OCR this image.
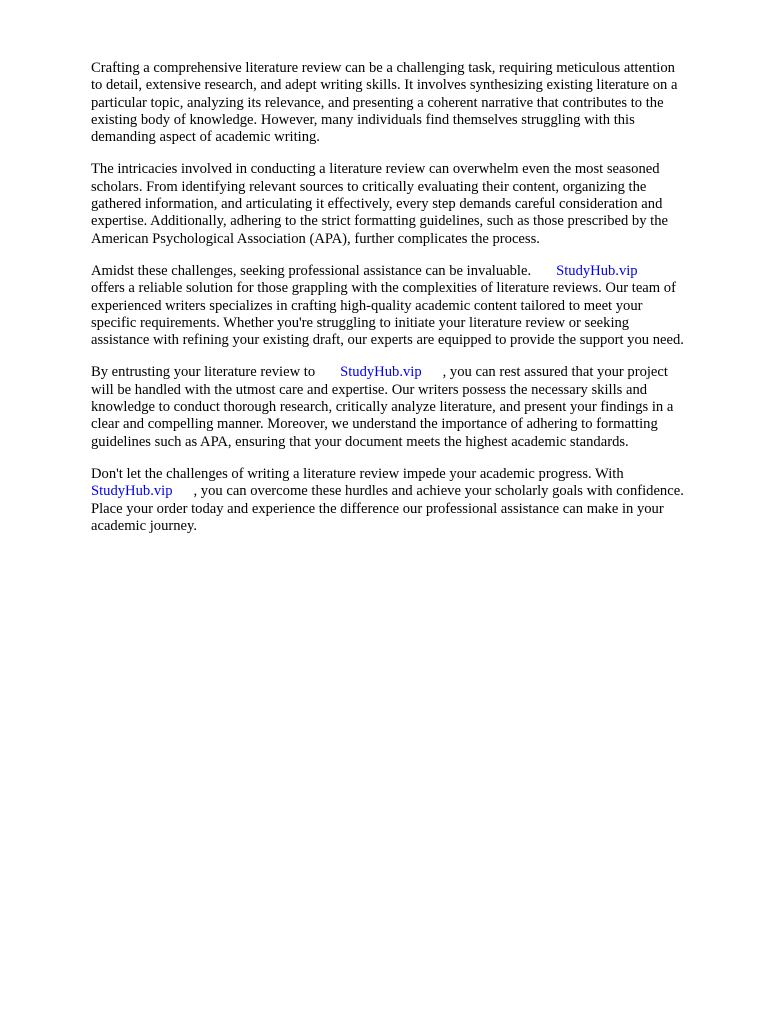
Crafting a comprehensive literature review can be a challenging task, requiring meticulous attention
to detail, extensive research, and adept writing skills. It involves synthesizing existing literature on a
particular topic, analyzing its relevance, and presenting a coherent narrative that contributes to the
existing body of knowledge. However, many individuals find themselves struggling with this
demanding aspect of academic writing.
The intricacies involved in conducting a literature review can overwhelm even the most seasoned
scholars. From identifying relevant sources to critically evaluating their content, organizing the
gathered information, and articulating it effectively, every step demands careful consideration and
expertise. Additionally, adhering to the strict formatting guidelines, such as those prescribed by the
American Psychological Association (APA), further complicates the process.
Amidst these challenges, seeking professional assistance can be invaluable. StudyHub.vip
offers a reliable solution for those grappling with the complexities of literature reviews. Our team of
experienced writers specializes in crafting high-quality academic content tailored to meet your
specific requirements. Whether you're struggling to initiate your literature review or seeking
assistance with refining your existing draft, our experts are equipped to provide the support you need.
By entrusting your literature review to StudyHub.vip , you can rest assured that your project
will be handled with the utmost care and expertise. Our writers possess the necessary skills and
knowledge to conduct thorough research, critically analyze literature, and present your findings in a
clear and compelling manner. Moreover, we understand the importance of adhering to formatting
guidelines such as APA, ensuring that your document meets the highest academic standards.
Don't let the challenges of writing a literature review impede your academic progress. With
StudyHub.vip , you can overcome these hurdles and achieve your scholarly goals with confidence.
Place your order today and experience the difference our professional assistance can make in your
academic journey.
